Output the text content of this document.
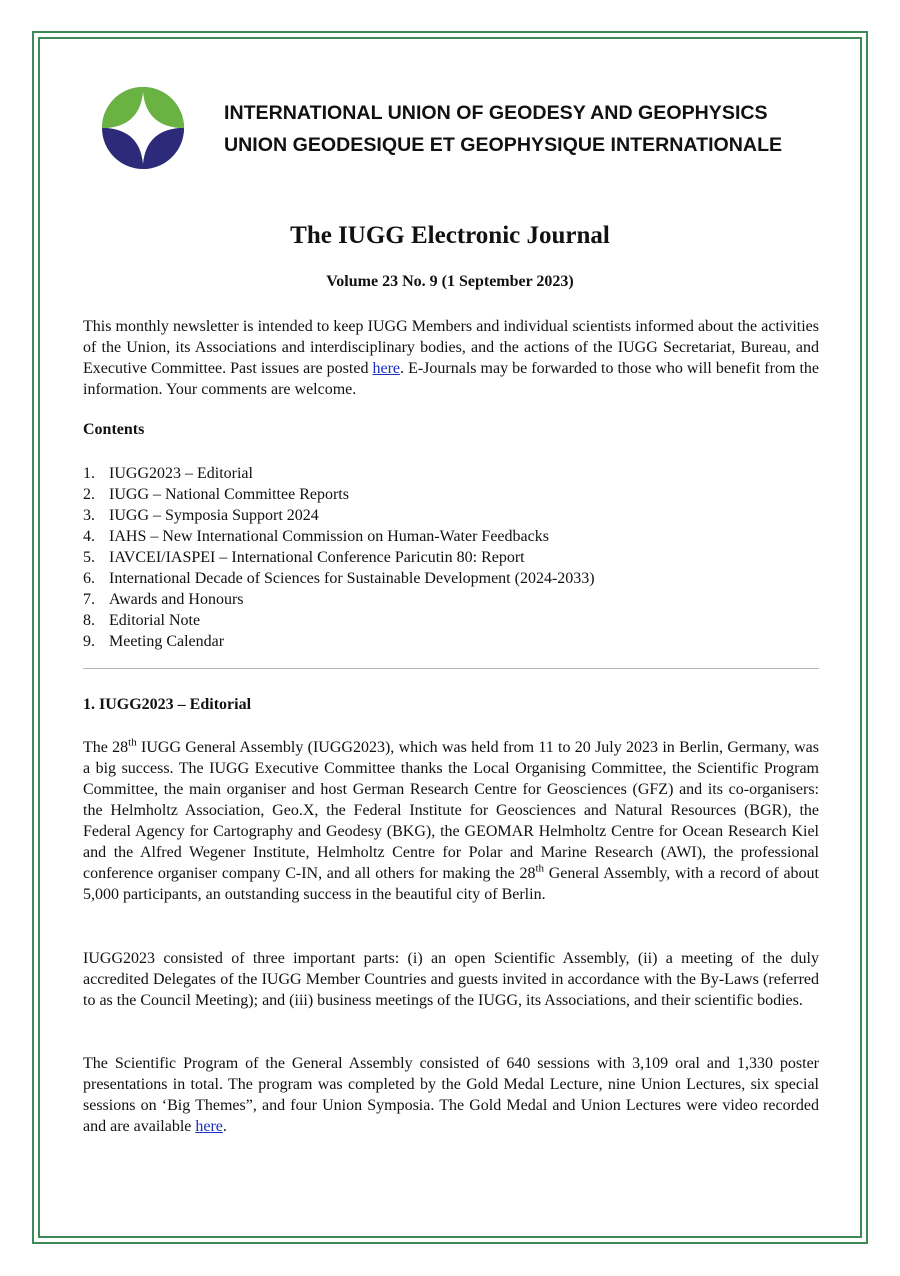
INTERNATIONAL UNION OF GEODESY AND GEOPHYSICS
UNION GEODESIQUE ET GEOPHYSIQUE INTERNATIONALE
The IUGG Electronic Journal
Volume 23 No. 9 (1 September 2023)

This monthly newsletter is intended to keep IUGG Members and individual scientists informed about the activities of the Union, its Associations and interdisciplinary bodies, and the actions of the IUGG Secretariat, Bureau, and Executive Committee. Past issues are posted here. E-Journals may be forwarded to those who will benefit from the information. Your comments are welcome.

Contents
1. IUGG2023 – Editorial
2. IUGG – National Committee Reports
3. IUGG – Symposia Support 2024
4. IAHS – New International Commission on Human-Water Feedbacks
5. IAVCEI/IASPEI – International Conference Paricutin 80: Report
6. International Decade of Sciences for Sustainable Development (2024-2033)
7. Awards and Honours
8. Editorial Note
9. Meeting Calendar
1. IUGG2023 – Editorial

The 28th IUGG General Assembly (IUGG2023), which was held from 11 to 20 July 2023 in Berlin, Germany, was a big success. The IUGG Executive Committee thanks the Local Organising Committee, the Scientific Program Committee, the main organiser and host German Research Centre for Geosciences (GFZ) and its co-organisers: the Helmholtz Association, Geo.X, the Federal Institute for Geosciences and Natural Resources (BGR), the Federal Agency for Cartography and Geodesy (BKG), the GEOMAR Helmholtz Centre for Ocean Research Kiel and the Alfred Wegener Institute, Helmholtz Centre for Polar and Marine Research (AWI), the professional conference organiser company C-IN, and all others for making the 28th General Assembly, with a record of about 5,000 participants, an outstanding success in the beautiful city of Berlin.

IUGG2023 consisted of three important parts: (i) an open Scientific Assembly, (ii) a meeting of the duly accredited Delegates of the IUGG Member Countries and guests invited in accordance with the By-Laws (referred to as the Council Meeting); and (iii) business meetings of the IUGG, its Associations, and their scientific bodies.

The Scientific Program of the General Assembly consisted of 640 sessions with 3,109 oral and 1,330 poster presentations in total. The program was completed by the Gold Medal Lecture, nine Union Lectures, six special sessions on ‘Big Themes”, and four Union Symposia. The Gold Medal and Union Lectures were video recorded and are available here.
